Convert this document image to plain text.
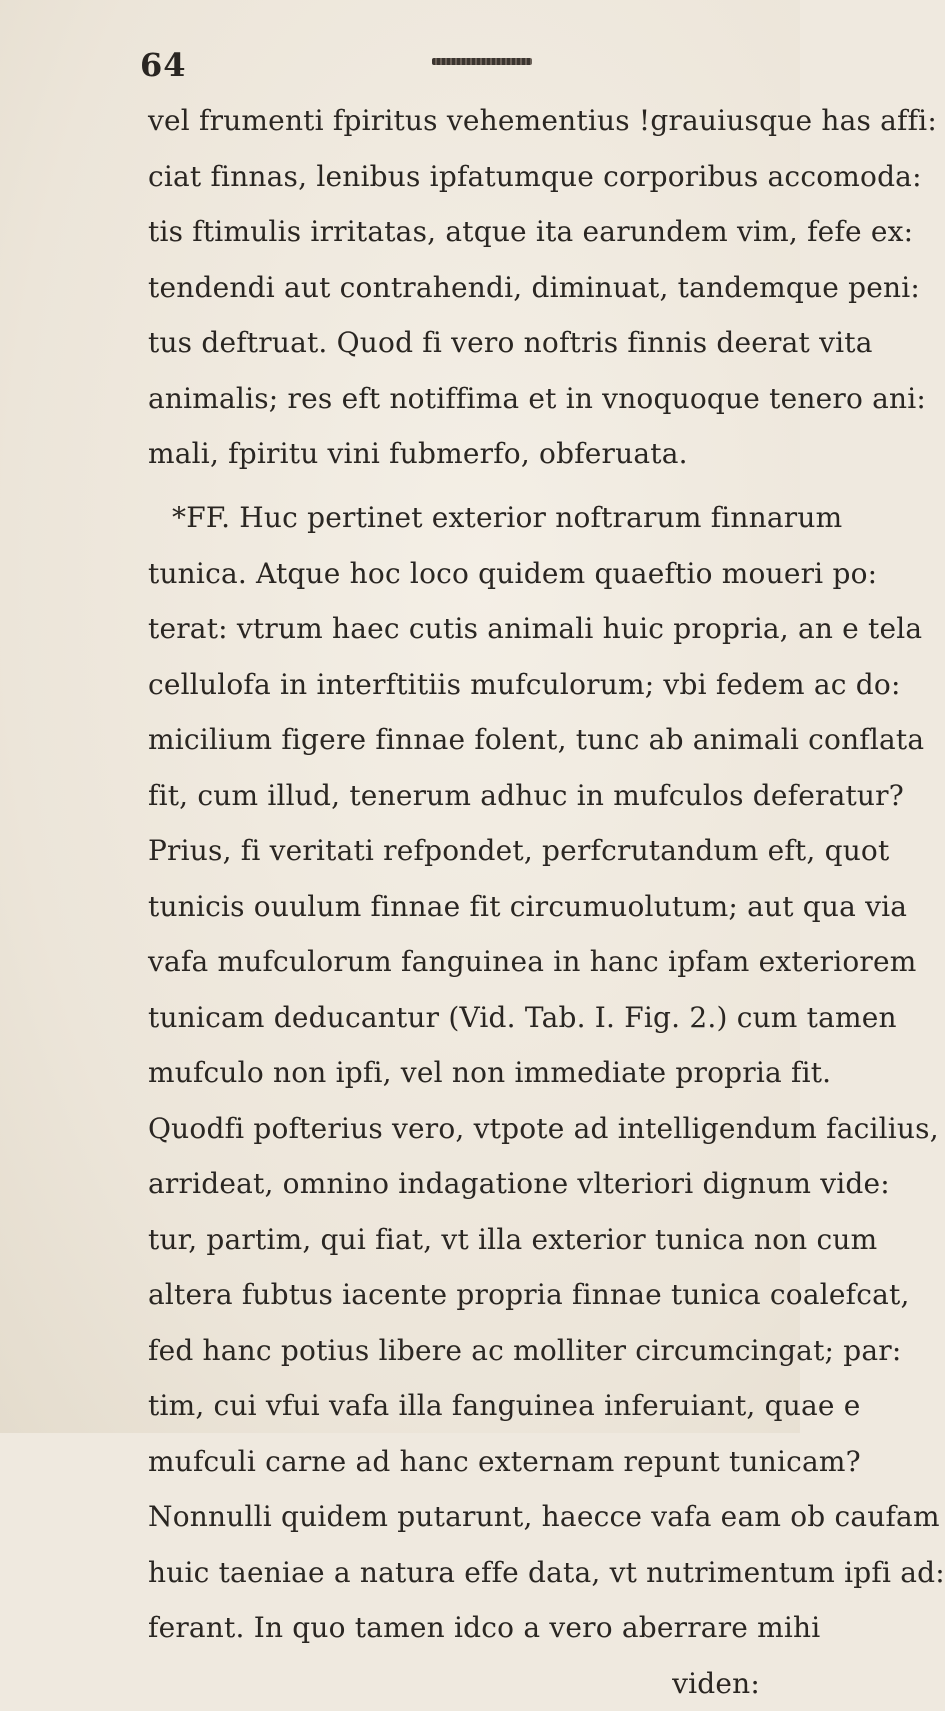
64
vel frumenti fpiritus vehementius !grauiusque has affi:
ciat finnas, lenibus ipfatumque corporibus accomoda:
tis ftimulis irritatas, atque ita earundem vim, fefe ex:
tendendi aut contrahendi, diminuat, tandemque peni:
tus deftruat. Quod fi vero noftris finnis deerat vita
animalis; res eft notiffima et in vnoquoque tenero ani:
mali, fpiritu vini fubmerfo, obferuata.
*FF. Huc pertinet exterior noftrarum finnarum
tunica. Atque hoc loco quidem quaeftio moueri po:
terat: vtrum haec cutis animali huic propria, an e tela
cellulofa in interftitiis mufculorum; vbi fedem ac do:
micilium figere finnae folent, tunc ab animali conflata
fit, cum illud, tenerum adhuc in mufculos deferatur?
Prius, fi veritati refpondet, perfcrutandum eft, quot
tunicis ouulum finnae fit circumuolutum; aut qua via
vafa mufculorum fanguinea in hanc ipfam exteriorem
tunicam deducantur (Vid. Tab. I. Fig. 2.) cum tamen
mufculo non ipfi, vel non immediate propria fit.
Quodfi pofterius vero, vtpote ad intelligendum facilius,
arrideat, omnino indagatione vlteriori dignum vide:
tur, partim, qui fiat, vt illa exterior tunica non cum
altera fubtus iacente propria finnae tunica coalefcat,
fed hanc potius libere ac molliter circumcingat; par:
tim, cui vfui vafa illa fanguinea inferuiant, quae e
mufculi carne ad hanc externam repunt tunicam?
Nonnulli quidem putarunt, haecce vafa eam ob caufam
huic taeniae a natura effe data, vt nutrimentum ipfi ad:
ferant. In quo tamen idco a vero aberrare mihi
viden:
